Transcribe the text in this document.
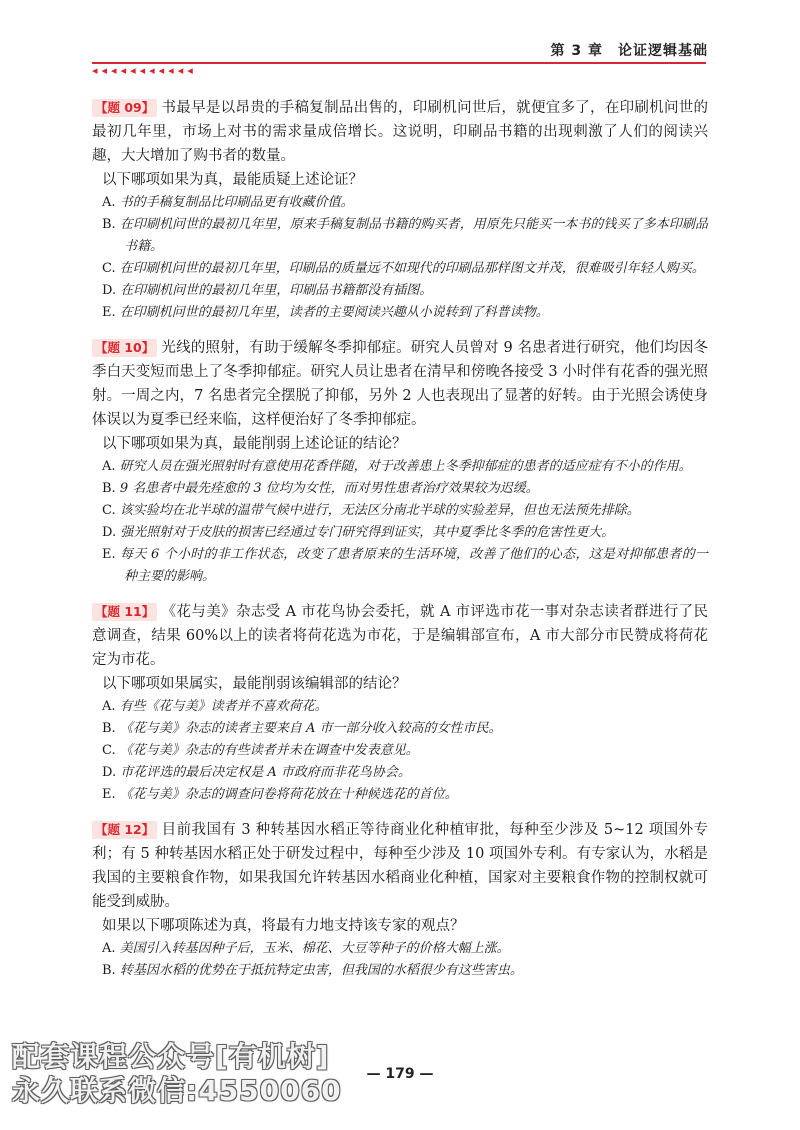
第 3 章　论证逻辑基础
◂◂◂◂◂◂◂◂◂◂◂

【题 09】 书最早是以昂贵的手稿复制品出售的，印刷机问世后，就便宜多了，在印刷机问世的最初几年里，市场上对书的需求量成倍增长。这说明，印刷品书籍的出现刺激了人们的阅读兴趣，大大增加了购书者的数量。

以下哪项如果为真，最能质疑上述论证？

A. 书的手稿复制品比印刷品更有收藏价值。

B. 在印刷机问世的最初几年里，原来手稿复制品书籍的购买者，用原先只能买一本书的钱买了多本印刷品书籍。

C. 在印刷机问世的最初几年里，印刷品的质量远不如现代的印刷品那样图文并茂，很难吸引年轻人购买。

D. 在印刷机问世的最初几年里，印刷品书籍都没有插图。

E. 在印刷机问世的最初几年里，读者的主要阅读兴趣从小说转到了科普读物。

【题 10】 光线的照射，有助于缓解冬季抑郁症。研究人员曾对 9 名患者进行研究，他们均因冬季白天变短而患上了冬季抑郁症。研究人员让患者在清早和傍晚各接受 3 小时伴有花香的强光照射。一周之内，7 名患者完全摆脱了抑郁，另外 2 人也表现出了显著的好转。由于光照会诱使身体误以为夏季已经来临，这样便治好了冬季抑郁症。

以下哪项如果为真，最能削弱上述论证的结论？

A. 研究人员在强光照射时有意使用花香伴随，对于改善患上冬季抑郁症的患者的适应症有不小的作用。

B. 9 名患者中最先痊愈的 3 位均为女性，而对男性患者治疗效果较为迟缓。

C. 该实验均在北半球的温带气候中进行，无法区分南北半球的实验差异，但也无法预先排除。

D. 强光照射对于皮肤的损害已经通过专门研究得到证实，其中夏季比冬季的危害性更大。

E. 每天 6 个小时的非工作状态，改变了患者原来的生活环境，改善了他们的心态，这是对抑郁患者的一种主要的影响。

【题 11】 《花与美》杂志受 A 市花鸟协会委托，就 A 市评选市花一事对杂志读者群进行了民意调查，结果 60%以上的读者将荷花选为市花，于是编辑部宣布，A 市大部分市民赞成将荷花定为市花。

以下哪项如果属实，最能削弱该编辑部的结论？

A. 有些《花与美》读者并不喜欢荷花。

B. 《花与美》杂志的读者主要来自 A 市一部分收入较高的女性市民。

C. 《花与美》杂志的有些读者并未在调查中发表意见。

D. 市花评选的最后决定权是 A 市政府而非花鸟协会。

E. 《花与美》杂志的调查问卷将荷花放在十种候选花的首位。

【题 12】 目前我国有 3 种转基因水稻正等待商业化种植审批，每种至少涉及 5~12 项国外专利；有 5 种转基因水稻正处于研发过程中，每种至少涉及 10 项国外专利。有专家认为，水稻是我国的主要粮食作物，如果我国允许转基因水稻商业化种植，国家对主要粮食作物的控制权就可能受到威胁。

如果以下哪项陈述为真，将最有力地支持该专家的观点？

A. 美国引入转基因种子后，玉米、棉花、大豆等种子的价格大幅上涨。

B. 转基因水稻的优势在于抵抗特定虫害，但我国的水稻很少有这些害虫。

— 179 —
配套课程公众号[有机树]
永久联系微信:4550060
